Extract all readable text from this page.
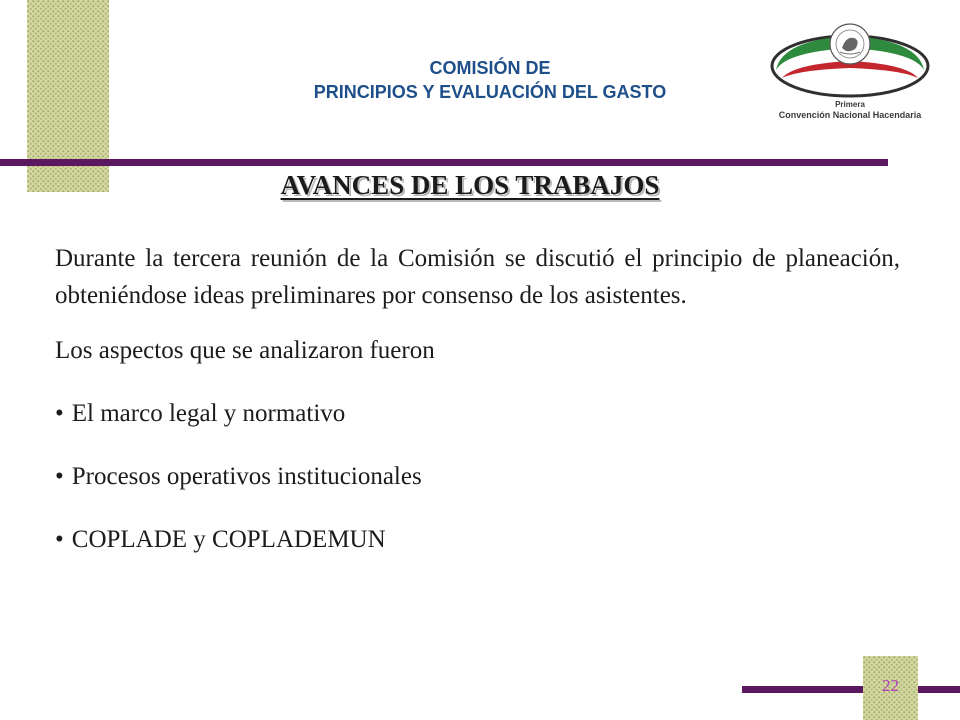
COMISIÓN DE
PRINCIPIOS Y EVALUACIÓN DEL GASTO
Primera
Convención Nacional Hacendaria
AVANCES DE LOS TRABAJOS

Durante la tercera reunión de la Comisión se discutió el principio de planeación, obteniéndose ideas preliminares por consenso de los asistentes.

Los aspectos que se analizaron fueron

• El marco legal y normativo
• Procesos operativos institucionales
• COPLADE y COPLADEMUN
22
